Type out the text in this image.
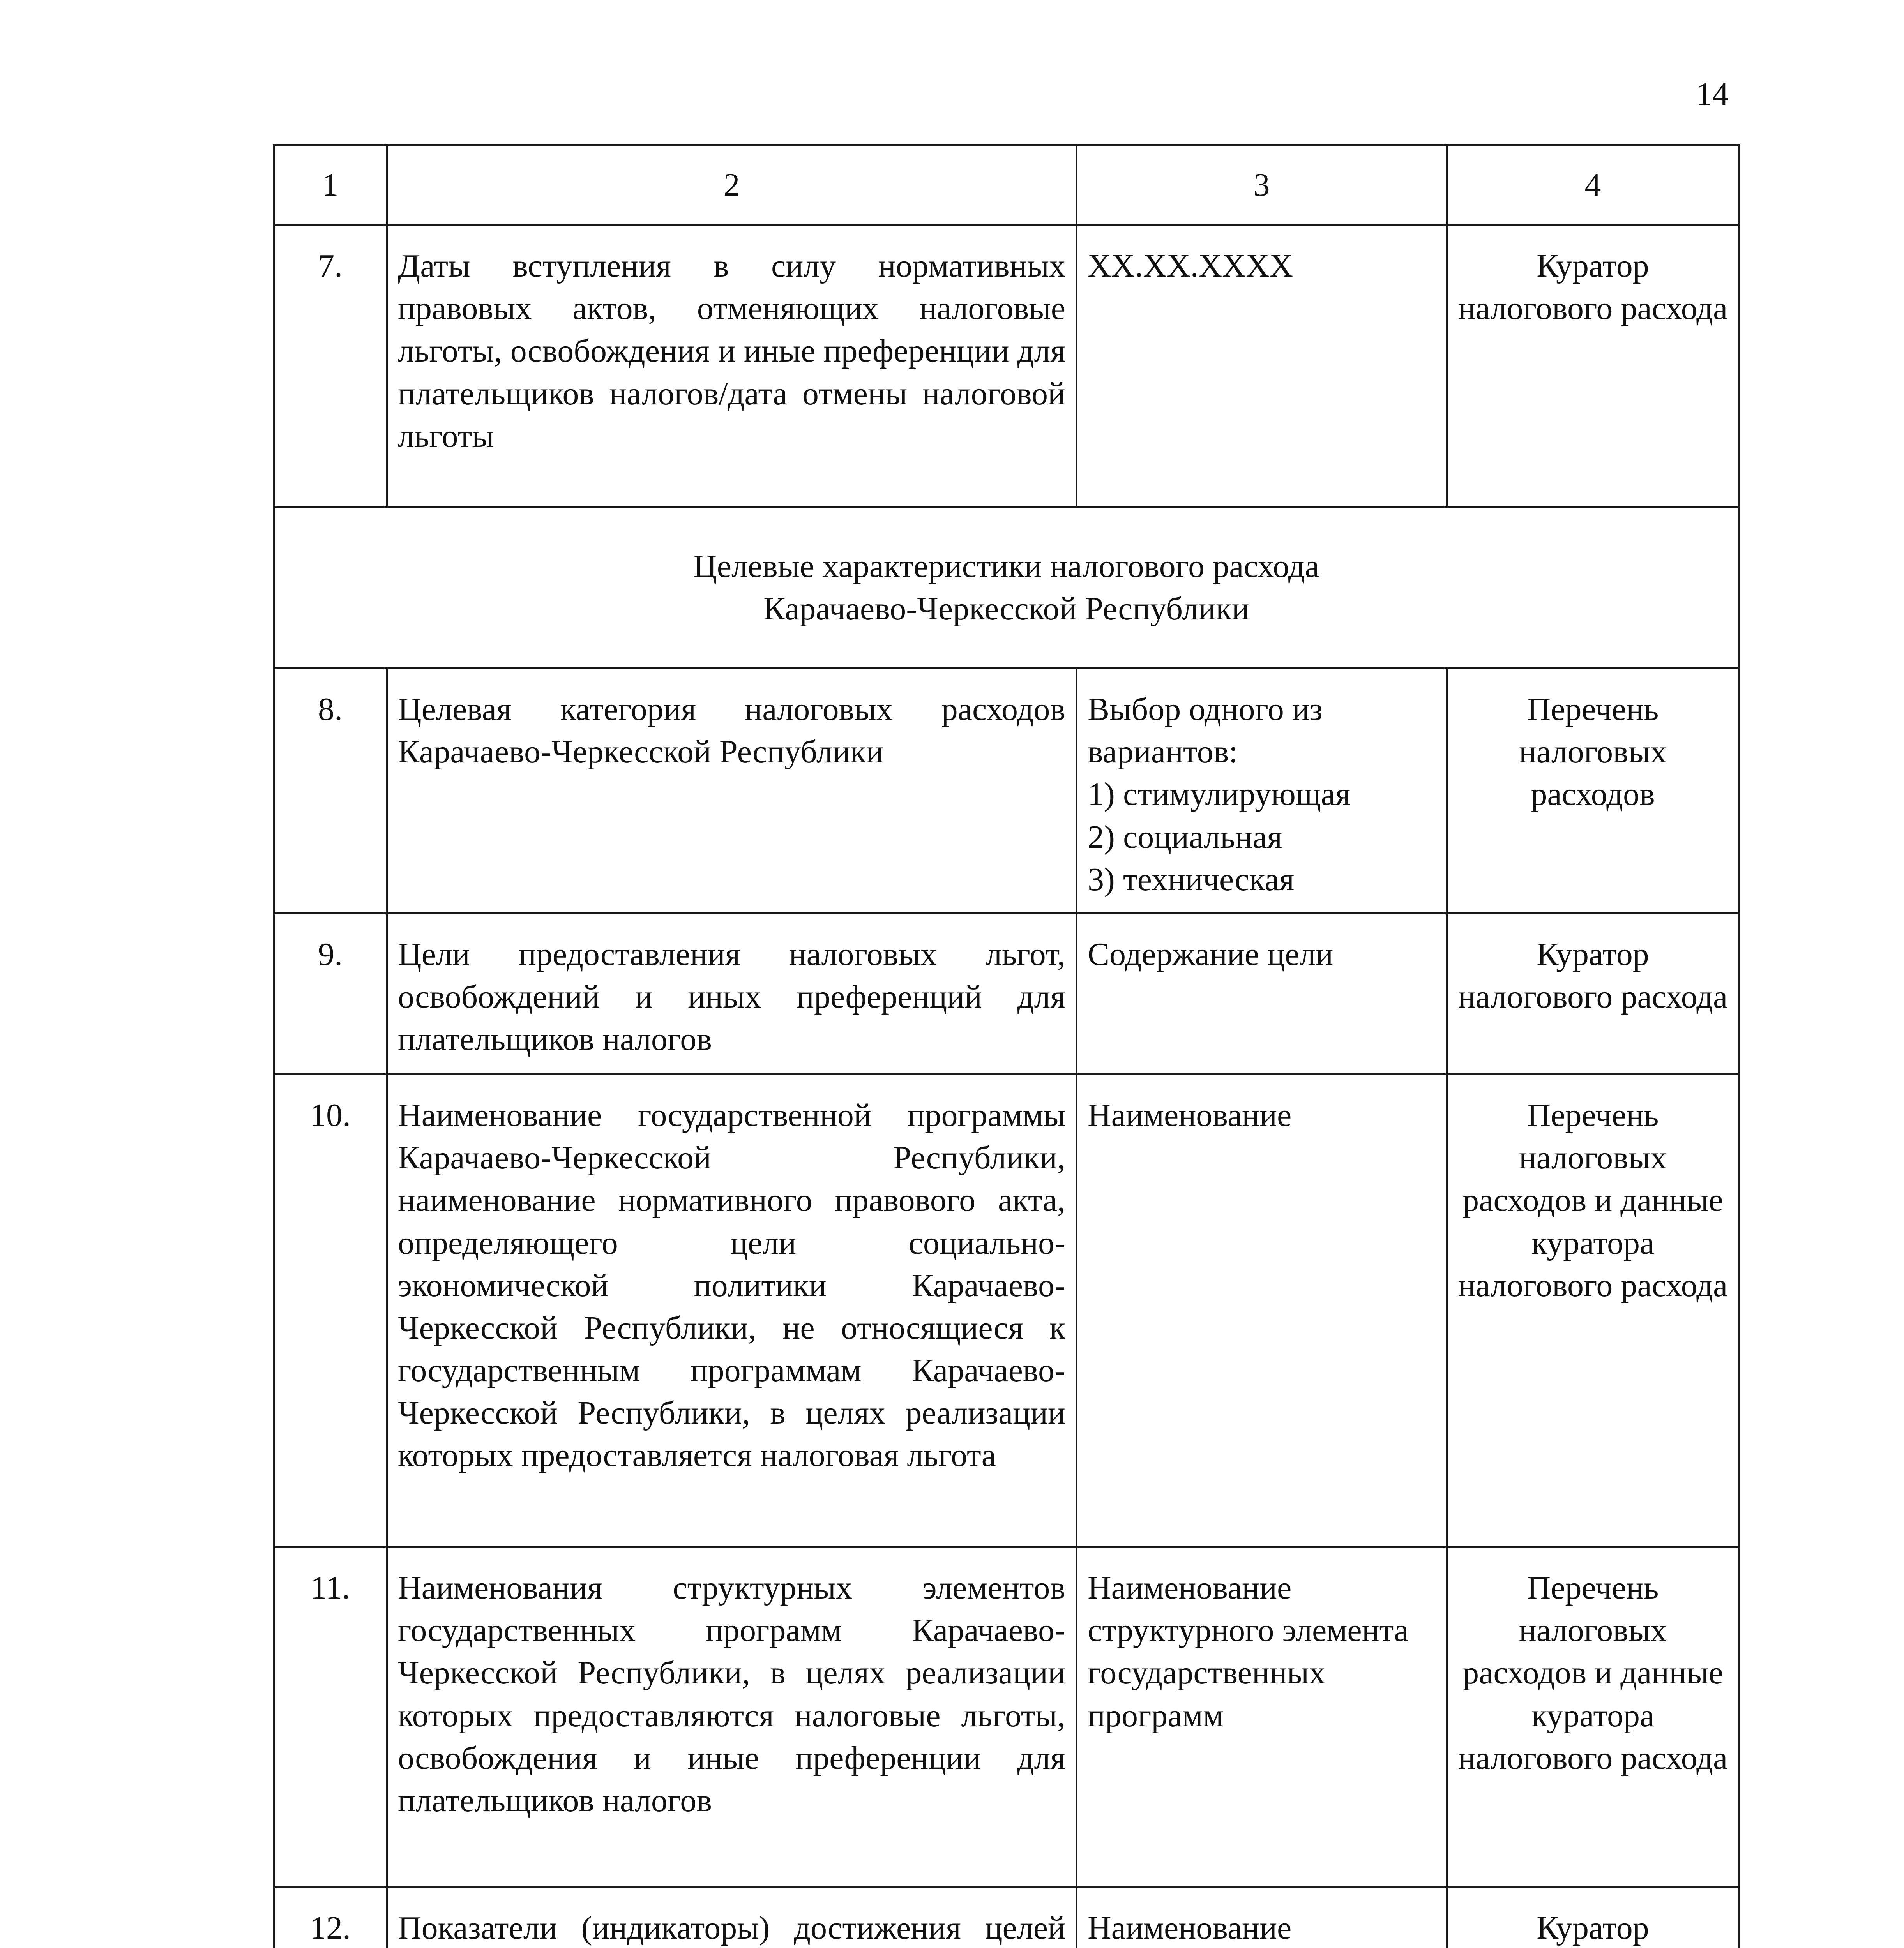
14
1	2	3	4
7.	Даты вступления в силу нормативных правовых актов, отменяющих налоговые льготы, освобождения и иные преференции для плательщиков налогов/дата отмены налоговой льготы	XX.XX.XXXX	Куратор налогового расхода

Целевые характеристики налогового расхода
Карачаево-Черкесской Республики			

8.	Целевая категория налоговых расходов Карачаево-Черкесской Республики	Выбор одного из вариантов:
1) стимулирующая
2) социальная
3) техническая	Перечень налоговых расходов
9.	Цели предоставления налоговых льгот, освобождений и иных преференций для плательщиков налогов	Содержание цели	Куратор налогового расхода
10.	Наименование государственной программы Карачаево-Черкесской Республики, наименование нормативного правового акта, определяющего цели социально-экономической политики Карачаево-Черкесской Республики, не относящиеся к государственным программам Карачаево-Черкесской Республики, в целях реализации которых предоставляется налоговая льгота	Наименование	Перечень налоговых расходов и данные куратора налогового расхода
11.	Наименования структурных элементов государственных программ Карачаево-Черкесской Республики, в целях реализации которых предоставляются налоговые льготы, освобождения и иные преференции для плательщиков налогов	Наименование структурного элемента государственных программ	Перечень налоговых расходов и данные куратора налогового расхода
12.	Показатели (индикаторы) достижения целей	Наименование	Куратор
